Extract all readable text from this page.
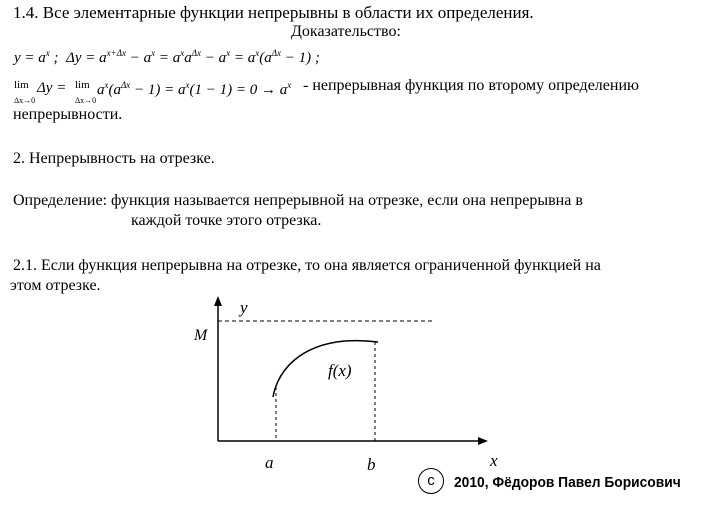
1.4. Все элементарные функции непрерывны в области их определения.
Доказательство:
$y = a^x$ ;  $\Delta y = a^{x+\Delta x} - a^x = a^xa^{\Delta x} - a^x = a^x(a^{\Delta x} - 1)$ ;
lim
$_{\Delta x\to 0}$
lim
$_{\Delta x\to 0}$
$\Delta y = a^x(a^{\Delta x} - 1) = a^x(1 - 1) = 0 \to a^x$ - непрерывная функция по второму определению
непрерывности.
2. Непрерывность на отрезке.
Определение: функция называется непрерывной на отрезке, если она непрерывна в
каждой точке этого отрезка.
2.1. Если функция непрерывна на отрезке, то она является ограниченной функцией на
этом отрезке.
y
x
M
f(x)
a	b
c	2010, Фёдоров Павел Борисович
